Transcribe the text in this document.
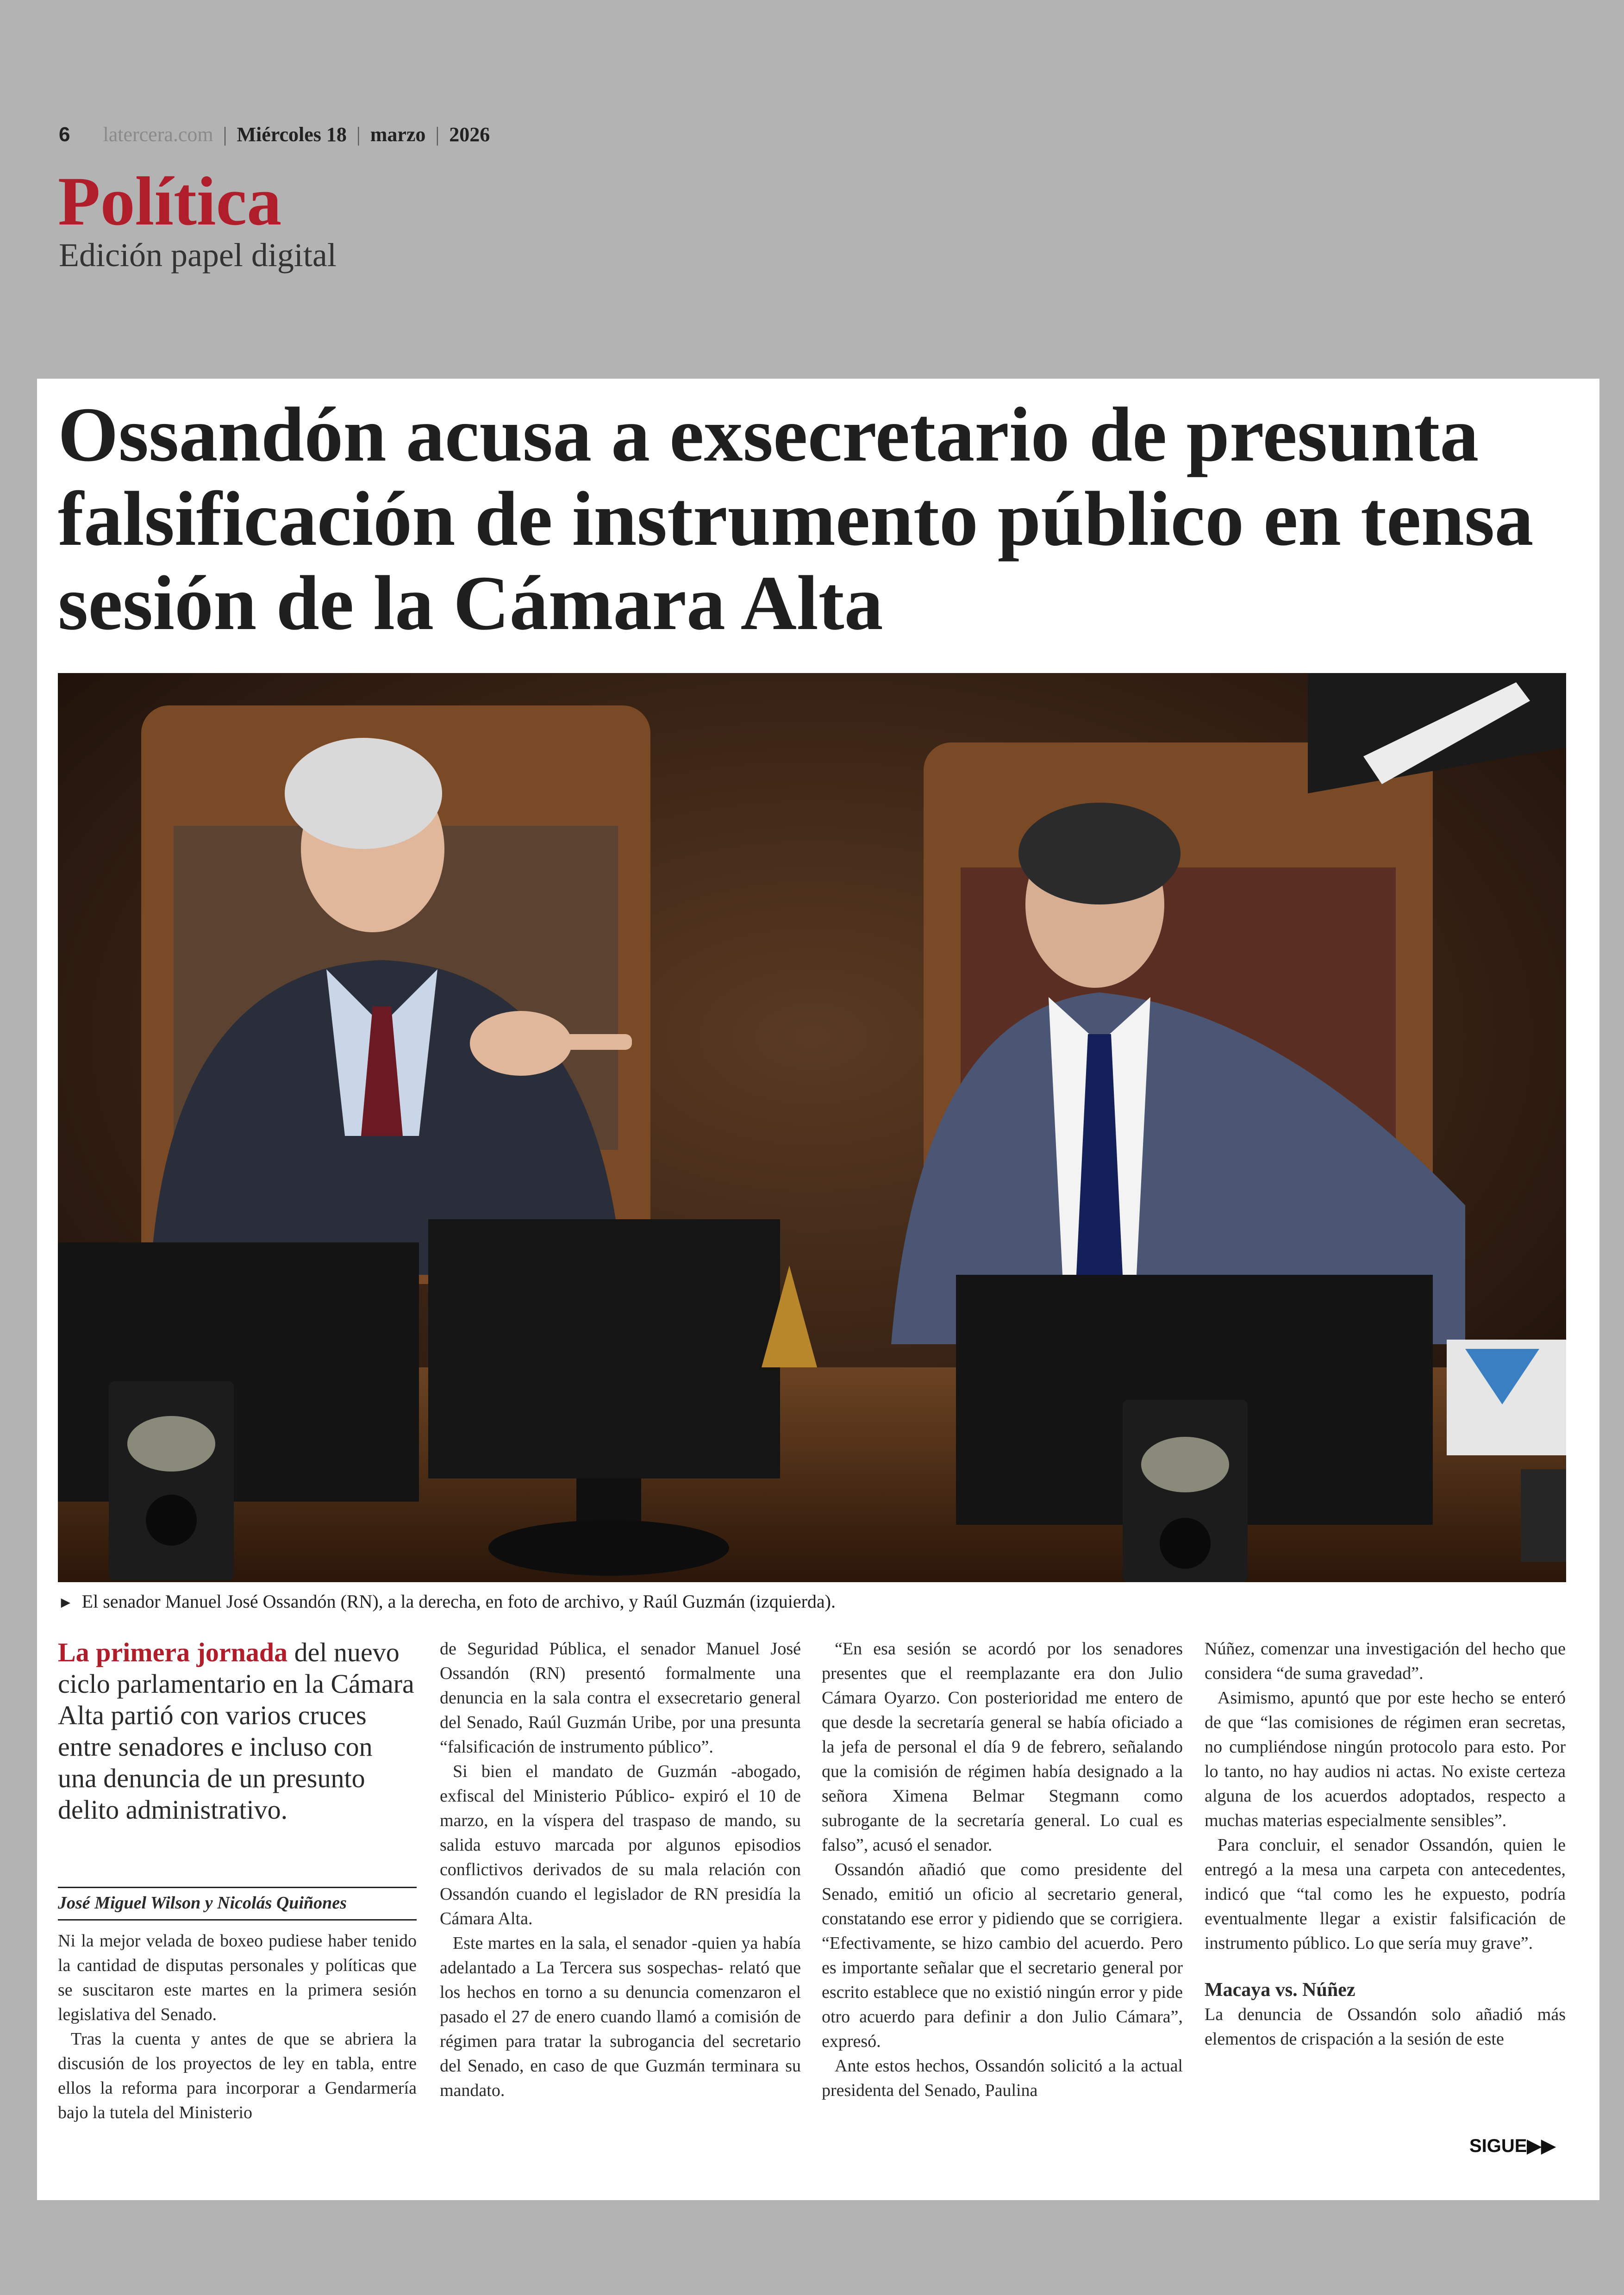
6 latercera.com | Miércoles 18 | marzo | 2026
Política
Edición papel digital
Ossandón acusa a exsecretario de presunta falsificación de instrumento público en tensa sesión de la Cámara Alta
► El senador Manuel José Ossandón (RN), a la derecha, en foto de archivo, y Raúl Guzmán (izquierda).
La primera jornada del nuevo ciclo parlamentario en la Cámara Alta partió con varios cruces entre senadores e incluso con una denuncia de un presunto delito administrativo.
José Miguel Wilson y Nicolás Quiñones

Ni la mejor velada de boxeo pudiese haber tenido la cantidad de disputas personales y políticas que se suscitaron este martes en la primera sesión legislativa del Senado.

Tras la cuenta y antes de que se abriera la discusión de los proyectos de ley en tabla, entre ellos la reforma para incorporar a Gendarmería bajo la tutela del Ministerio

de Seguridad Pública, el senador Manuel José Ossandón (RN) presentó formalmente una denuncia en la sala contra el exsecretario general del Senado, Raúl Guzmán Uribe, por una presunta “falsificación de instrumento público”.

Si bien el mandato de Guzmán -abogado, exfiscal del Ministerio Público- expiró el 10 de marzo, en la víspera del traspaso de mando, su salida estuvo marcada por algunos episodios conflictivos derivados de su mala relación con Ossandón cuando el legislador de RN presidía la Cámara Alta.

Este martes en la sala, el senador -quien ya había adelantado a La Tercera sus sospechas- relató que los hechos en torno a su denuncia comenzaron el pasado el 27 de enero cuando llamó a comisión de régimen para tratar la subrogancia del secretario del Senado, en caso de que Guzmán terminara su mandato.

“En esa sesión se acordó por los senadores presentes que el reemplazante era don Julio Cámara Oyarzo. Con posterioridad me entero de que desde la secretaría general se había oficiado a la jefa de personal el día 9 de febrero, señalando que la comisión de régimen había designado a la señora Ximena Belmar Stegmann como subrogante de la secretaría general. Lo cual es falso”, acusó el senador.

Ossandón añadió que como presidente del Senado, emitió un oficio al secretario general, constatando ese error y pidiendo que se corrigiera. “Efectivamente, se hizo cambio del acuerdo. Pero es importante señalar que el secretario general por escrito establece que no existió ningún error y pide otro acuerdo para definir a don Julio Cámara”, expresó.

Ante estos hechos, Ossandón solicitó a la actual presidenta del Senado, Paulina

Núñez, comenzar una investigación del hecho que considera “de suma gravedad”.

Asimismo, apuntó que por este hecho se enteró de que “las comisiones de régimen eran secretas, no cumpliéndose ningún protocolo para esto. Por lo tanto, no hay audios ni actas. No existe certeza alguna de los acuerdos adoptados, respecto a muchas materias especialmente sensibles”.

Para concluir, el senador Ossandón, quien le entregó a la mesa una carpeta con antecedentes, indicó que “tal como les he expuesto, podría eventualmente llegar a existir falsificación de instrumento público. Lo que sería muy grave”.

Macaya vs. Núñez

La denuncia de Ossandón solo añadió más elementos de crispación a la sesión de este

SIGUE▶▶
